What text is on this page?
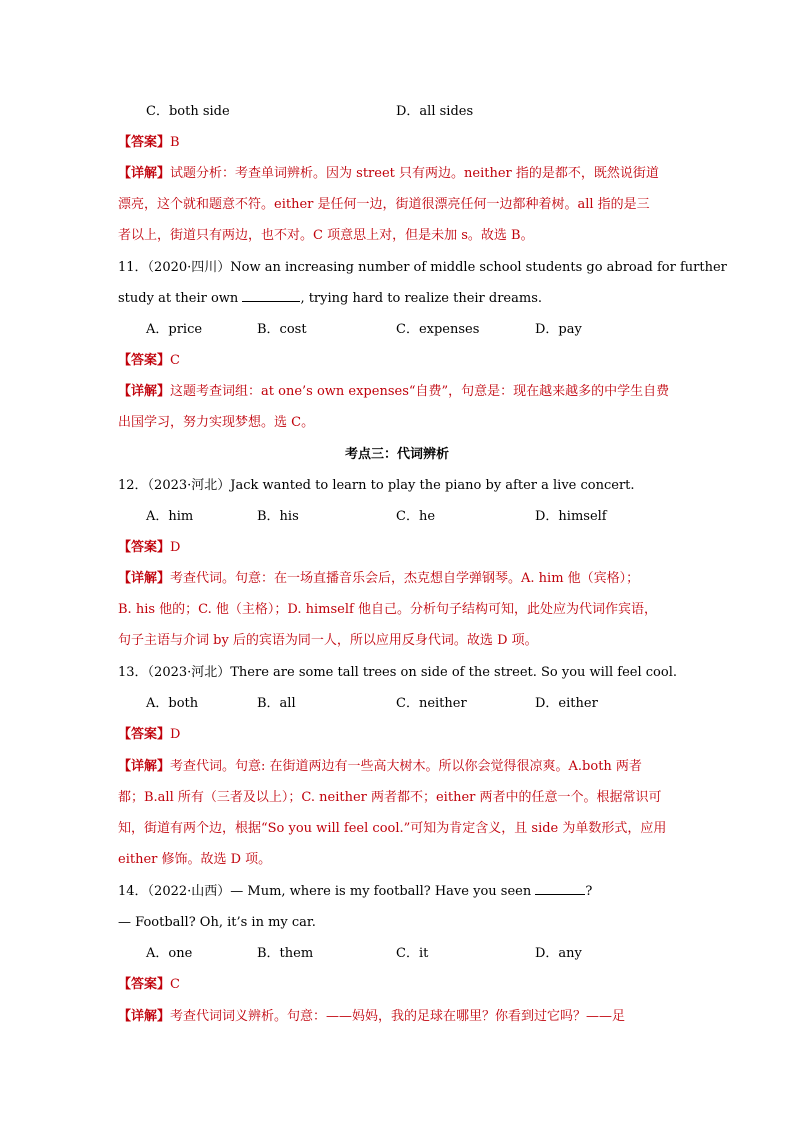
C．both side	D．all sides
【答案】B
【详解】试题分析：考查单词辨析。因为 street 只有两边。neither 指的是都不，既然说街道
漂亮，这个就和题意不符。either 是任何一边，街道很漂亮任何一边都种着树。all 指的是三
者以上，街道只有两边，也不对。C 项意思上对，但是未加 s。故选 B。
11．（2020·四川）Now an increasing number of middle school students go abroad for further
study at their own	, trying hard to realize their dreams.
A．price	B．cost	C．expenses	D．pay
【答案】C
【详解】这题考查词组：at one’s own expenses“自费”，句意是：现在越来越多的中学生自费
出国学习，努力实现梦想。选 C。
考点三：代词辨析
12．（2023·河北）Jack wanted to learn to play the piano by after a live concert.
A．him	B．his	C．he	D．himself
【答案】D
【详解】考查代词。句意：在一场直播音乐会后，杰克想自学弹钢琴。A. him 他（宾格）；
B. his 他的；C. 他（主格）；D. himself 他自己。分析句子结构可知，此处应为代词作宾语，
句子主语与介词 by 后的宾语为同一人，所以应用反身代词。故选 D 项。
13．（2023·河北）There are some tall trees on side of the street. So you will feel cool.
A．both	B．all	C．neither	D．either
【答案】D
【详解】考查代词。句意: 在街道两边有一些高大树木。所以你会觉得很凉爽。A.both 两者
都；B.all 所有（三者及以上）；C. neither 两者都不；either 两者中的任意一个。根据常识可
知，街道有两个边，根据“So you will feel cool.”可知为肯定含义，且 side 为单数形式，应用
either 修饰。故选 D 项。
14．（2022·山西）— Mum, where is my football? Have you seen	?
— Football? Oh, it’s in my car.
A．one	B．them	C．it	D．any
【答案】C
【详解】考查代词词义辨析。句意：——妈妈，我的足球在哪里？你看到过它吗？——足
